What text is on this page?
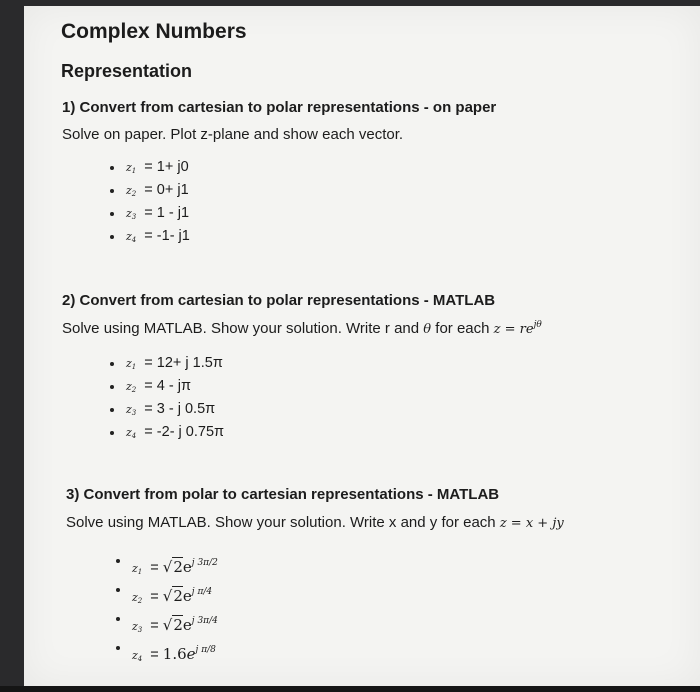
Complex Numbers
Representation

1) Convert from cartesian to polar representations - on paper

Solve on paper. Plot z-plane and show each vector.

$z_1 = 1+ j0$
$z_2 = 0+ j1$
$z_3 = 1 - j1$
$z_4 = -1-$ j1

2) Convert from cartesian to polar representations - MATLAB

Solve using MATLAB. Show your solution. Write r and θ for each $z = re^{j\theta}$

$z_1 = 12+ j$ 1.5π
$z_2 = 4 - j\pi$
$z_3 = 3 - j$ 0.5π
$z_4 = -2-$ j 0.75π

3) Convert from polar to cartesian representations - MATLAB

Solve using MATLAB. Show your solution. Write x and y for each z = x + jy

$z_1 = √2e^{j 3\pi/2}$
$z_2 = √2e^{j \pi/4}$
$z_3 = √2e^{j 3\pi/4}$
$z_4 = 1.6e^{j \pi/8}$
